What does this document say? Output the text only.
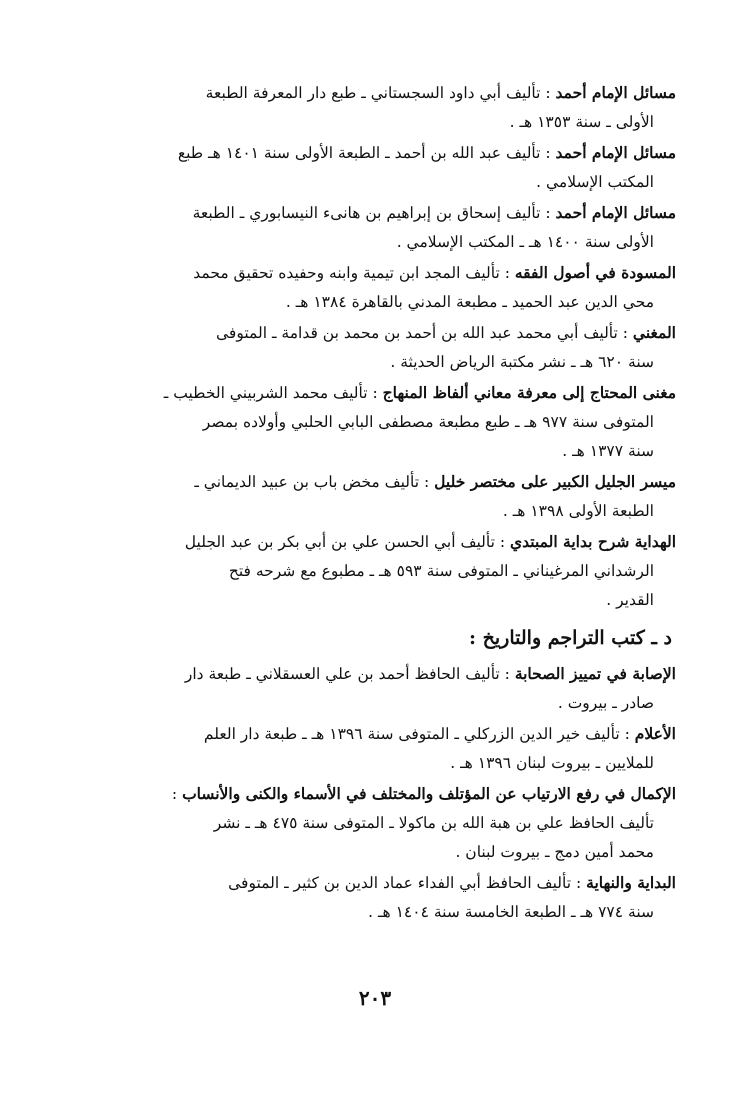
مسائل الإمام أحمد : تأليف أبي داود السجستاني ـ طبع دار المعرفة الطبعة
الأولى ـ سنة ١٣٥٣ هـ .
مسائل الإمام أحمد : تأليف عبد الله بن أحمد ـ الطبعة الأولى سنة ١٤٠١ هـ طبع
المكتب الإسلامي .
مسائل الإمام أحمد : تأليف إسحاق بن إبراهيم بن هانىء النيسابوري ـ الطبعة
الأولى سنة ١٤٠٠ هـ ـ المكتب الإسلامي .
المسودة في أصول الفقه : تأليف المجد ابن تيمية وابنه وحفيده تحقيق محمد
محي الدين عبد الحميد ـ مطبعة المدني بالقاهرة ١٣٨٤ هـ .
المغني : تأليف أبي محمد عبد الله بن أحمد بن محمد بن قدامة ـ المتوفى
سنة ٦٢٠ هـ ـ نشر مكتبة الرياض الحديثة .
مغنى المحتاج إلى معرفة معاني ألفاظ المنهاج : تأليف محمد الشربيني الخطيب ـ
المتوفى سنة ٩٧٧ هـ ـ طبع مطبعة مصطفى البابي الحلبي وأولاده بمصر
سنة ١٣٧٧ هـ .
ميسر الجليل الكبير على مختصر خليل : تأليف مخض باب بن عبيد الديماني ـ
الطبعة الأولى ١٣٩٨ هـ .
الهداية شرح بداية المبتدي : تأليف أبي الحسن علي بن أبي بكر بن عبد الجليل
الرشداني المرغيناني ـ المتوفى سنة ٥٩٣ هـ ـ مطبوع مع شرحه فتح
القدير .
د ـ كتب التراجم والتاريخ :
الإصابة في تمييز الصحابة : تأليف الحافظ أحمد بن علي العسقلاني ـ طبعة دار
صادر ـ بيروت .
الأعلام : تأليف خير الدين الزركلي ـ المتوفى سنة ١٣٩٦ هـ ـ طبعة دار العلم
للملايين ـ بيروت لبنان ١٣٩٦ هـ .
الإكمال في رفع الارتياب عن المؤتلف والمختلف في الأسماء والكنى والأنساب :
تأليف الحافظ علي بن هبة الله بن ماكولا ـ المتوفى سنة ٤٧٥ هـ ـ نشر
محمد أمين دمج ـ بيروت لبنان .
البداية والنهاية : تأليف الحافظ أبي الفداء عماد الدين بن كثير ـ المتوفى
سنة ٧٧٤ هـ ـ الطبعة الخامسة سنة ١٤٠٤ هـ .
٢٠٣
